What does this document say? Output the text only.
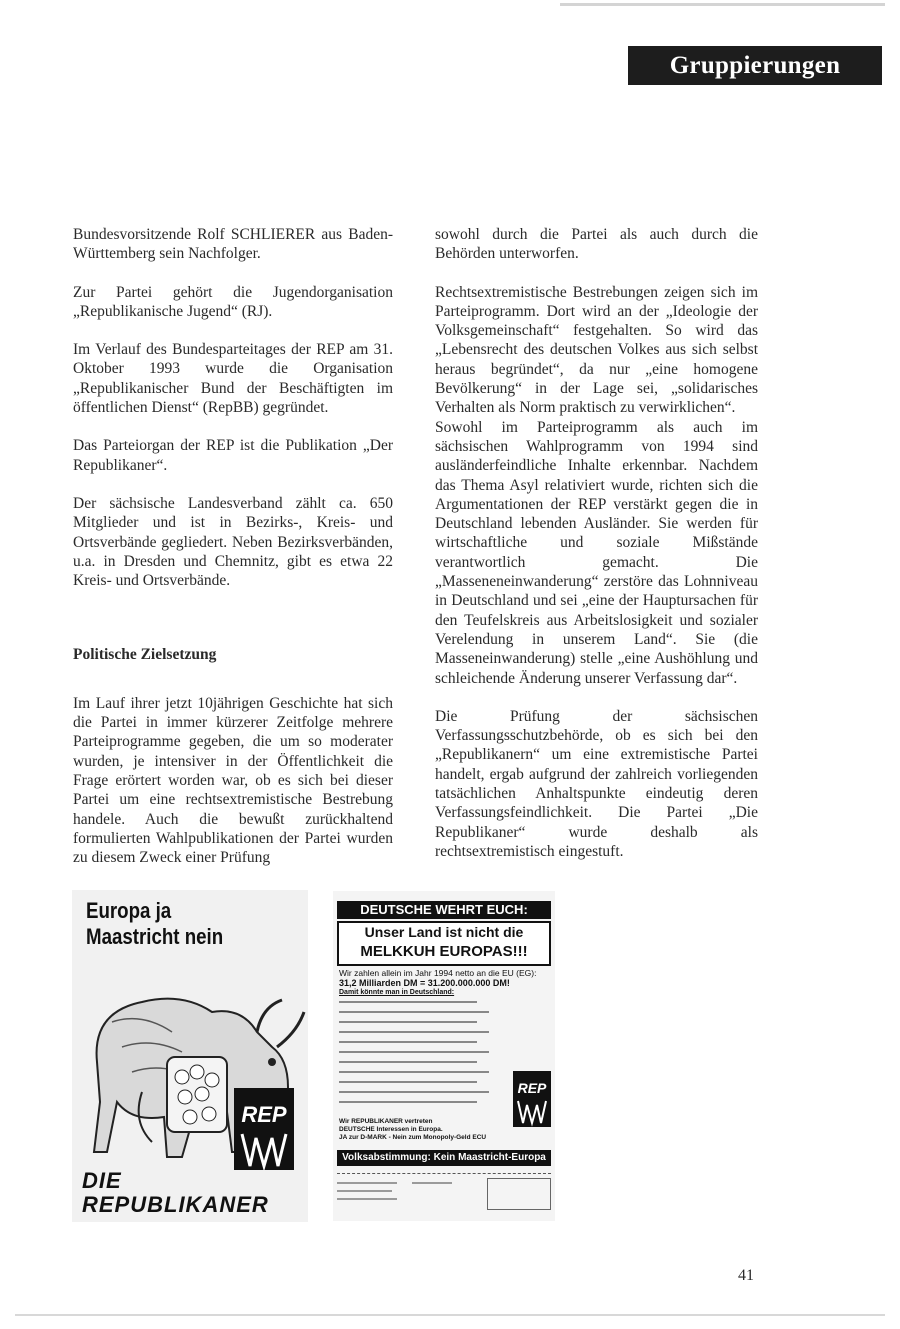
Gruppierungen

Bundesvorsitzende Rolf SCHLIERER aus Baden-Württemberg sein Nachfolger.

Zur Partei gehört die Jugendorganisation „Republikanische Jugend“ (RJ).

Im Verlauf des Bundesparteitages der REP am 31. Oktober 1993 wurde die Organisation „Republikanischer Bund der Beschäftigten im öffentlichen Dienst“ (RepBB) gegründet.

Das Parteiorgan der REP ist die Publikation „Der Republikaner“.

Der sächsische Landesverband zählt ca. 650 Mitglieder und ist in Bezirks-, Kreis- und Ortsverbände gegliedert. Neben Bezirksverbänden, u.a. in Dresden und Chemnitz, gibt es etwa 22 Kreis- und Ortsverbände.

Politische Zielsetzung

Im Lauf ihrer jetzt 10jährigen Geschichte hat sich die Partei in immer kürzerer Zeitfolge mehrere Parteiprogramme gegeben, die um so moderater wurden, je intensiver in der Öffentlichkeit die Frage erörtert worden war, ob es sich bei dieser Partei um eine rechtsextremistische Bestrebung handele. Auch die bewußt zurückhaltend formulierten Wahlpublikationen der Partei wurden zu diesem Zweck einer Prüfung

sowohl durch die Partei als auch durch die Behörden unterworfen.

Rechtsextremistische Bestrebungen zeigen sich im Parteiprogramm. Dort wird an der „Ideologie der Volksgemeinschaft“ festgehalten. So wird das „Lebensrecht des deutschen Volkes aus sich selbst heraus begründet“, da nur „eine homogene Bevölkerung“ in der Lage sei, „solidarisches Verhalten als Norm praktisch zu verwirklichen“.

Sowohl im Parteiprogramm als auch im sächsischen Wahlprogramm von 1994 sind ausländerfeindliche Inhalte erkennbar. Nachdem das Thema Asyl relativiert wurde, richten sich die Argumentationen der REP verstärkt gegen die in Deutschland lebenden Ausländer. Sie werden für wirtschaftliche und soziale Mißstände verantwortlich gemacht. Die „Masseneneinwanderung“ zerstöre das Lohnniveau in Deutschland und sei „eine der Hauptursachen für den Teufelskreis aus Arbeitslosigkeit und sozialer Verelendung in unserem Land“. Sie (die Masseneinwanderung) stelle „eine Aushöhlung und schleichende Änderung unserer Verfassung dar“.

Die Prüfung der sächsischen Verfassungsschutzbehörde, ob es sich bei den „Republikanern“ um eine extremistische Partei handelt, ergab aufgrund der zahlreich vorliegenden tatsächlichen Anhaltspunkte eindeutig deren Verfassungsfeindlichkeit. Die Partei „Die Republikaner“ wurde deshalb als rechtsextremistisch eingestuft.

Europa ja
Maastricht nein
REP
DIE
REPUBLIKANER
DEUTSCHE WEHRT EUCH:
Unser Land ist nicht die
MELKKUH EUROPAS!!!
Wir zahlen allein im Jahr 1994 netto an die EU (EG):
31,2 Milliarden DM = 31.200.000.000 DM!
Damit könnte man in Deutschland:
REP
Wir REPUBLIKANER vertreten
DEUTSCHE Interessen in Europa.
JA zur D-MARK - Nein zum Monopoly-Geld ECU
Volksabstimmung: Kein Maastricht-Europa
41
